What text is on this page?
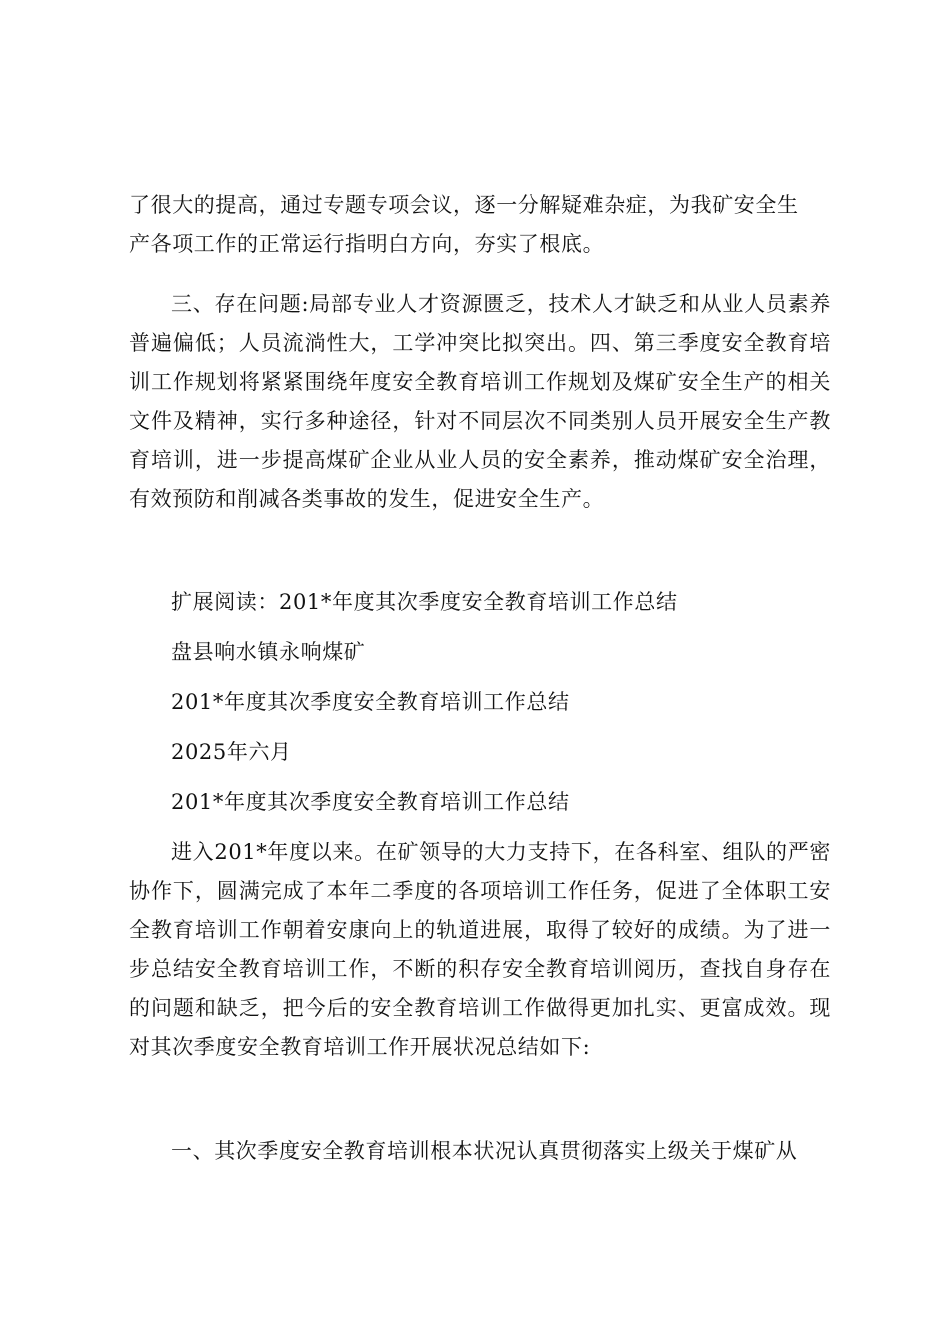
了很大的提高，通过专题专项会议，逐一分解疑难杂症，为我矿安全生
产各项工作的正常运行指明白方向，夯实了根底。

三、存在问题:局部专业人才资源匮乏，技术人才缺乏和从业人员素养普遍偏低；人员流淌性大，工学冲突比拟突出。四、第三季度安全教育培训工作规划将紧紧围绕年度安全教育培训工作规划及煤矿安全生产的相关文件及精神，实行多种途径，针对不同层次不同类别人员开展安全生产教育培训，进一步提高煤矿企业从业人员的安全素养，推动煤矿安全治理，有效预防和削减各类事故的发生，促进安全生产。

扩展阅读：201*年度其次季度安全教育培训工作总结

盘县响水镇永响煤矿

201*年度其次季度安全教育培训工作总结

2025年六月

201*年度其次季度安全教育培训工作总结

进入201*年度以来。在矿领导的大力支持下，在各科室、组队的严密协作下，圆满完成了本年二季度的各项培训工作任务，促进了全体职工安全教育培训工作朝着安康向上的轨道进展，取得了较好的成绩。为了进一步总结安全教育培训工作，不断的积存安全教育培训阅历，查找自身存在的问题和缺乏，把今后的安全教育培训工作做得更加扎实、更富成效。现对其次季度安全教育培训工作开展状况总结如下:

一、其次季度安全教育培训根本状况认真贯彻落实上级关于煤矿从
